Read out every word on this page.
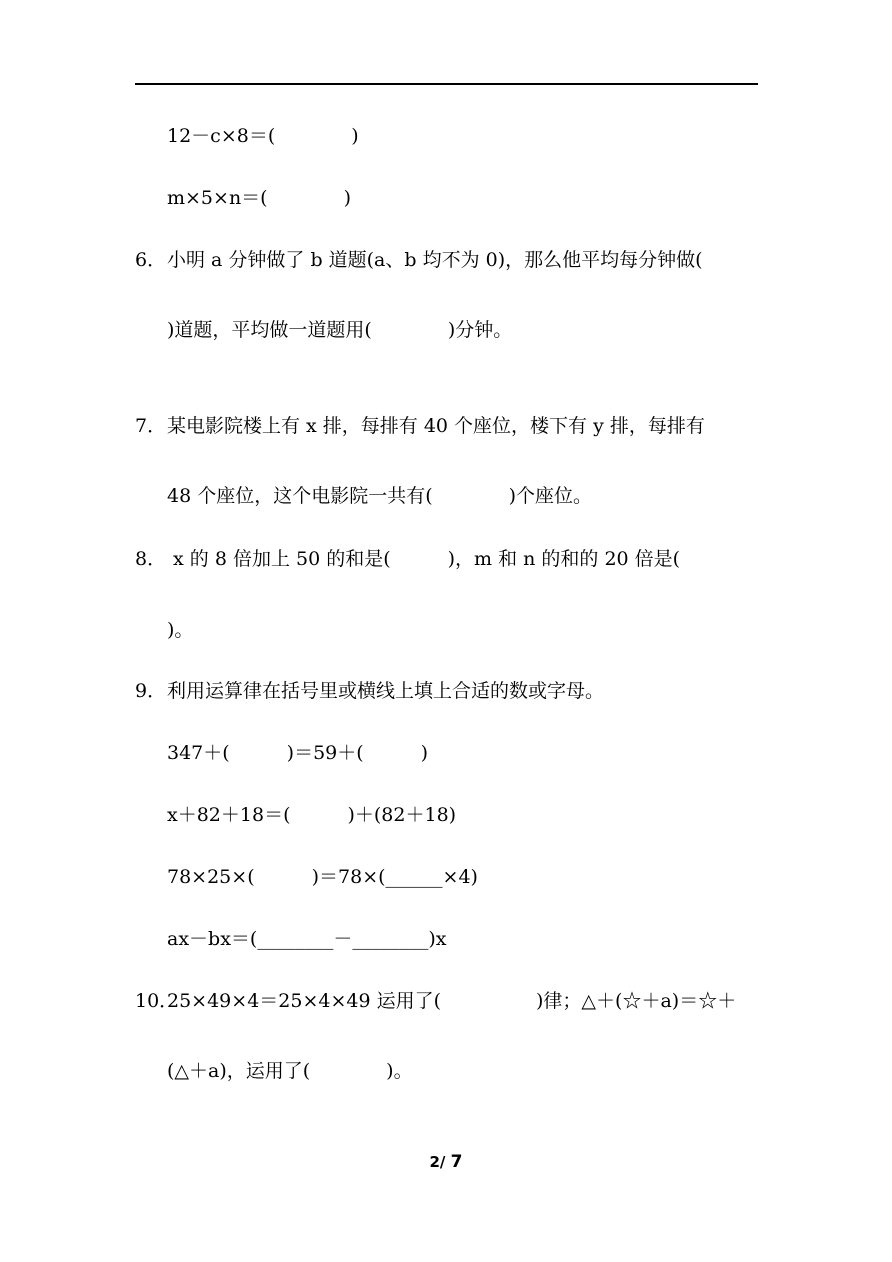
12－c×8＝(　　　　)
m×5×n＝(　　　　)
6． 小明 a 分钟做了 b 道题(a、b 均不为 0)，那么他平均每分钟做(
)道题，平均做一道题用(　　　　)分钟。
7． 某电影院楼上有 x 排，每排有 40 个座位，楼下有 y 排，每排有
48 个座位，这个电影院一共有(　　　　)个座位。
8． x 的 8 倍加上 50 的和是(　　　)，m 和 n 的和的 20 倍是(
)。
9． 利用运算律在括号里或横线上填上合适的数或字母。
347＋(　　　)＝59＋(　　　)
x＋82＋18＝(　　　)＋(82＋18)
78×25×(　　　)＝78×(______×4)
ax－bx＝(________－________)x
10．
25×49×4＝25×4×49 运用了(　　　　　)律；△＋(☆＋a)＝☆＋
(△＋a)，运用了(　　　　)。
2/ 7
